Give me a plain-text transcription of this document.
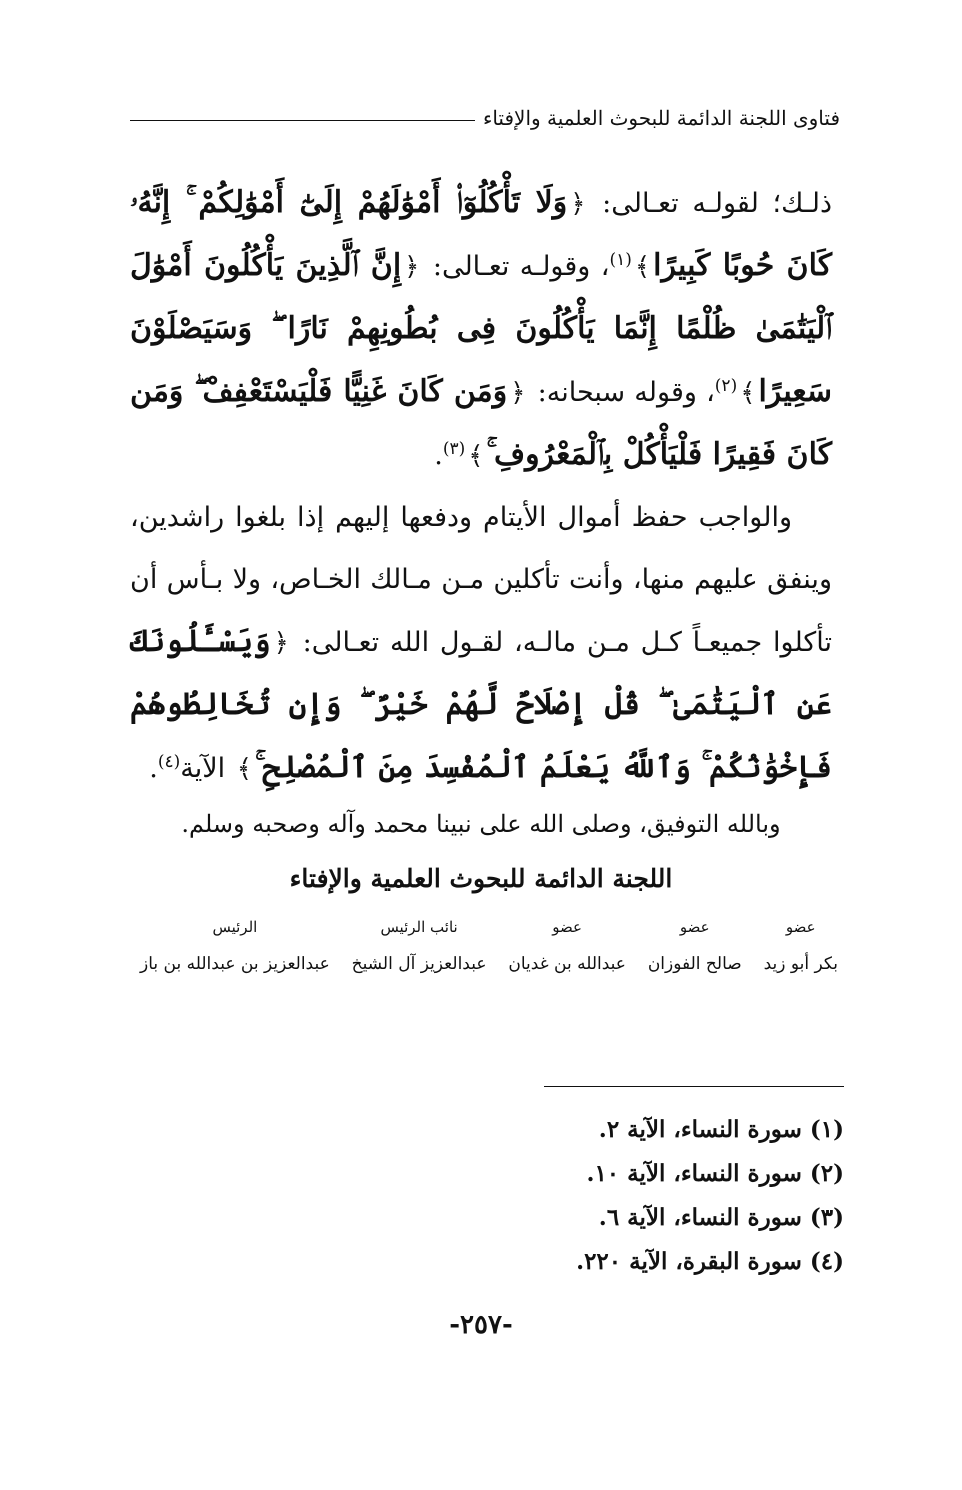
فتاوى اللجنة الدائمة للبحوث العلمية والإفتاء

ذلـك؛ لقولـه تعـالى: ﴿وَلَا تَأْكُلُوٓا۟ أَمْوَٰلَهُمْ إِلَىٰٓ أَمْوَٰلِكُمْ ۚ إِنَّهُۥ كَانَ حُوبًا كَبِيرًا﴾$^{(١)}$، وقولـه تعـالى: ﴿إِنَّ ٱلَّذِينَ يَأْكُلُونَ أَمْوَٰلَ ٱلْيَتَٰمَىٰ ظُلْمًا إِنَّمَا يَأْكُلُونَ فِى بُطُونِهِمْ نَارًا ۖ وَسَيَصْلَوْنَ سَعِيرًا﴾$^{(٢)}$، وقوله سبحانه: ﴿وَمَن كَانَ غَنِيًّا فَلْيَسْتَعْفِفْ ۖ وَمَن كَانَ فَقِيرًا فَلْيَأْكُلْ بِٱلْمَعْرُوفِ ۚ﴾$^{(٣)}$.

والواجب حفظ أموال الأيتام ودفعها إليهم إذا بلغوا راشدين، وينفق عليهم منها، وأنت تأكلين مـن مـالك الخـاص، ولا بـأس أن تأكلوا جميعـاً كـل مـن مالـه، لقـول الله تعـالى: ﴿وَيَسْـَٔلُونَكَ عَنِ ٱلْيَتَٰمَىٰ ۖ قُلْ إِصْلَاحٌ لَّهُمْ خَيْرٌ ۖ وَإِن تُخَالِطُوهُمْ فَإِخْوَٰنُكُمْ ۚ وَٱللَّهُ يَعْلَمُ ٱلْمُفْسِدَ مِنَ ٱلْمُصْلِحِ ۚ﴾ الآية$^{(٤)}$.

وبالله التوفيق، وصلى الله على نبينا محمد وآله وصحبه وسلم.
اللجنة الدائمة للبحوث العلمية والإفتاء
عضو
بكر أبو زيد
عضو
صالح الفوزان
عضو
عبدالله بن غديان
نائب الرئيس
عبدالعزيز آل الشيخ
الرئيس
عبدالعزيز بن عبدالله بن باز
(١) سورة النساء، الآية ٢.
(٢) سورة النساء، الآية ١٠.
(٣) سورة النساء، الآية ٦.
(٤) سورة البقرة، الآية ٢٢٠.
-٢٥٧-
